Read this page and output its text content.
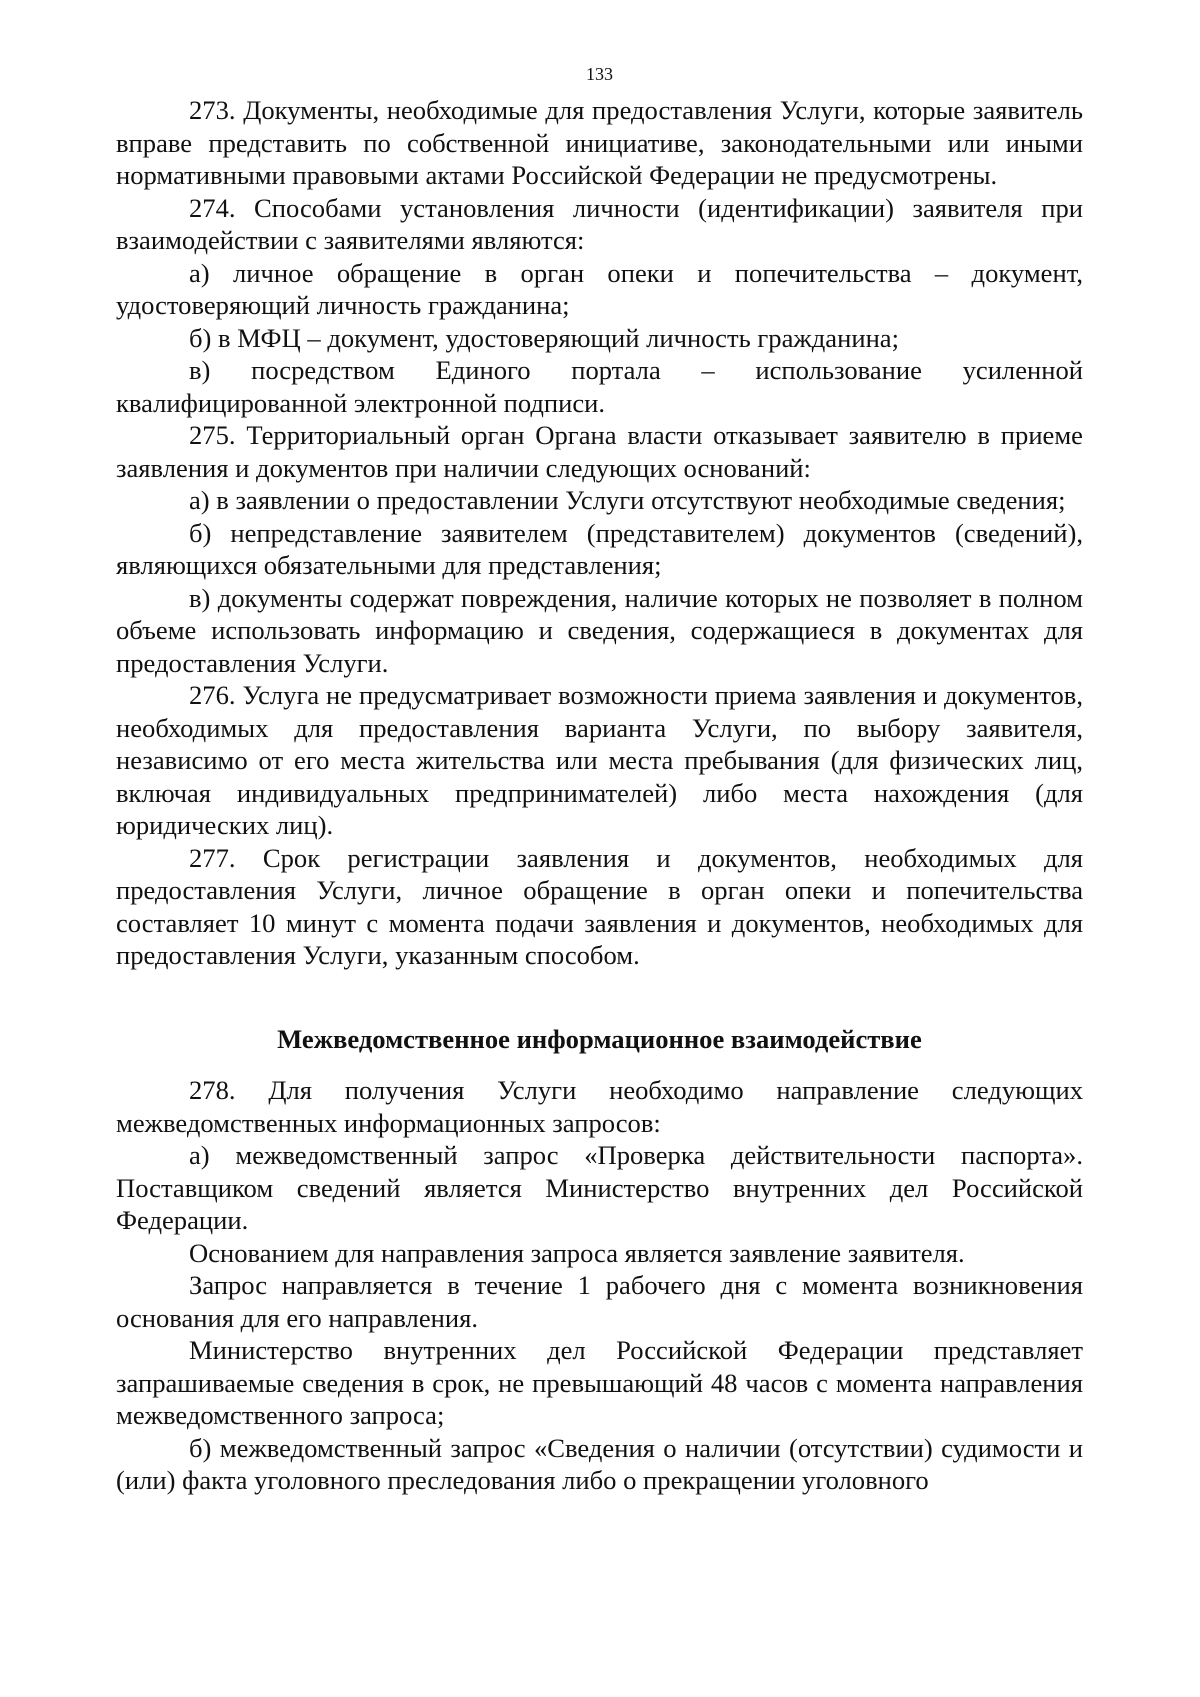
133

273. Документы, необходимые для предоставления Услуги, которые заявитель вправе представить по собственной инициативе, законодательными или иными нормативными правовыми актами Российской Федерации не предусмотрены.

274. Способами установления личности (идентификации) заявителя при взаимодействии с заявителями являются:

а) личное обращение в орган опеки и попечительства – документ, удостоверяющий личность гражданина;

б) в МФЦ – документ, удостоверяющий личность гражданина;

в) посредством Единого портала – использование усиленной квалифицированной электронной подписи.

275. Территориальный орган Органа власти отказывает заявителю в приеме заявления и документов при наличии следующих оснований:

а) в заявлении о предоставлении Услуги отсутствуют необходимые сведения;

б) непредставление заявителем (представителем) документов (сведений), являющихся обязательными для представления;

в) документы содержат повреждения, наличие которых не позволяет в полном объеме использовать информацию и сведения, содержащиеся в документах для предоставления Услуги.

276. Услуга не предусматривает возможности приема заявления и документов, необходимых для предоставления варианта Услуги, по выбору заявителя, независимо от его места жительства или места пребывания (для физических лиц, включая индивидуальных предпринимателей) либо места нахождения (для юридических лиц).

277. Срок регистрации заявления и документов, необходимых для предоставления Услуги, личное обращение в орган опеки и попечительства составляет 10 минут с момента подачи заявления и документов, необходимых для предоставления Услуги, указанным способом.

Межведомственное информационное взаимодействие

278. Для получения Услуги необходимо направление следующих межведомственных информационных запросов:

а) межведомственный запрос «Проверка действительности паспорта». Поставщиком сведений является Министерство внутренних дел Российской Федерации.

Основанием для направления запроса является заявление заявителя.

Запрос направляется в течение 1 рабочего дня с момента возникновения основания для его направления.

Министерство внутренних дел Российской Федерации представляет запрашиваемые сведения в срок, не превышающий 48 часов с момента направления межведомственного запроса;

б) межведомственный запрос «Сведения о наличии (отсутствии) судимости и (или) факта уголовного преследования либо о прекращении уголовного
